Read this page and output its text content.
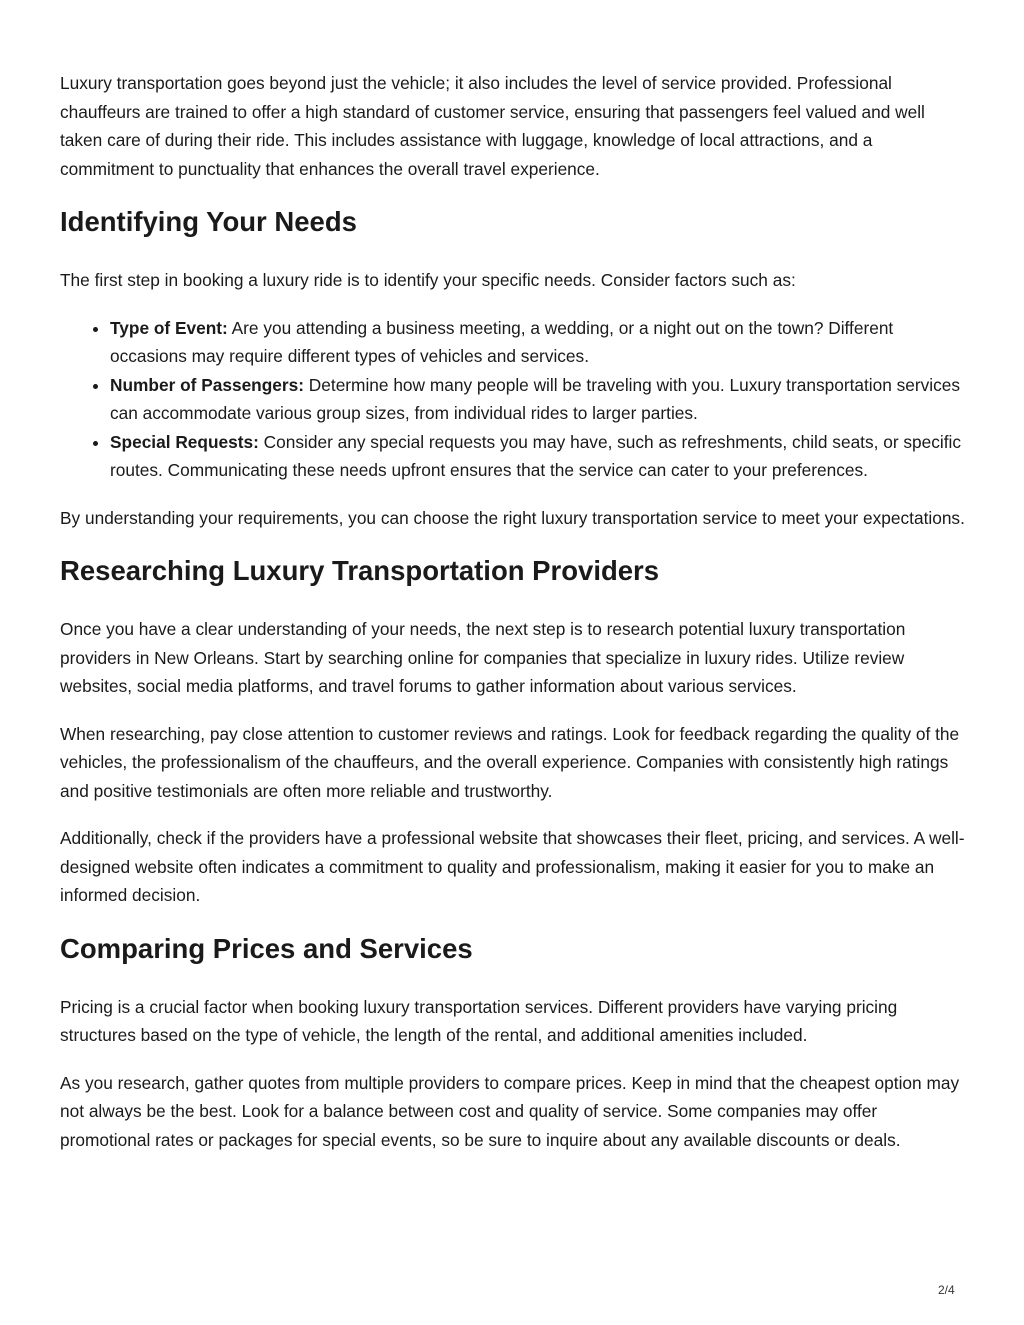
Luxury transportation goes beyond just the vehicle; it also includes the level of service provided. Professional chauffeurs are trained to offer a high standard of customer service, ensuring that passengers feel valued and well taken care of during their ride. This includes assistance with luggage, knowledge of local attractions, and a commitment to punctuality that enhances the overall travel experience.

Identifying Your Needs

The first step in booking a luxury ride is to identify your specific needs. Consider factors such as:

• Type of Event: Are you attending a business meeting, a wedding, or a night out on the town? Different occasions may require different types of vehicles and services.
• Number of Passengers: Determine how many people will be traveling with you. Luxury transportation services can accommodate various group sizes, from individual rides to larger parties.
• Special Requests: Consider any special requests you may have, such as refreshments, child seats, or specific routes. Communicating these needs upfront ensures that the service can cater to your preferences.

By understanding your requirements, you can choose the right luxury transportation service to meet your expectations.

Researching Luxury Transportation Providers

Once you have a clear understanding of your needs, the next step is to research potential luxury transportation providers in New Orleans. Start by searching online for companies that specialize in luxury rides. Utilize review websites, social media platforms, and travel forums to gather information about various services.

When researching, pay close attention to customer reviews and ratings. Look for feedback regarding the quality of the vehicles, the professionalism of the chauffeurs, and the overall experience. Companies with consistently high ratings and positive testimonials are often more reliable and trustworthy.

Additionally, check if the providers have a professional website that showcases their fleet, pricing, and services. A well-designed website often indicates a commitment to quality and professionalism, making it easier for you to make an informed decision.

Comparing Prices and Services

Pricing is a crucial factor when booking luxury transportation services. Different providers have varying pricing structures based on the type of vehicle, the length of the rental, and additional amenities included.

As you research, gather quotes from multiple providers to compare prices. Keep in mind that the cheapest option may not always be the best. Look for a balance between cost and quality of service. Some companies may offer promotional rates or packages for special events, so be sure to inquire about any available discounts or deals.

2/4
